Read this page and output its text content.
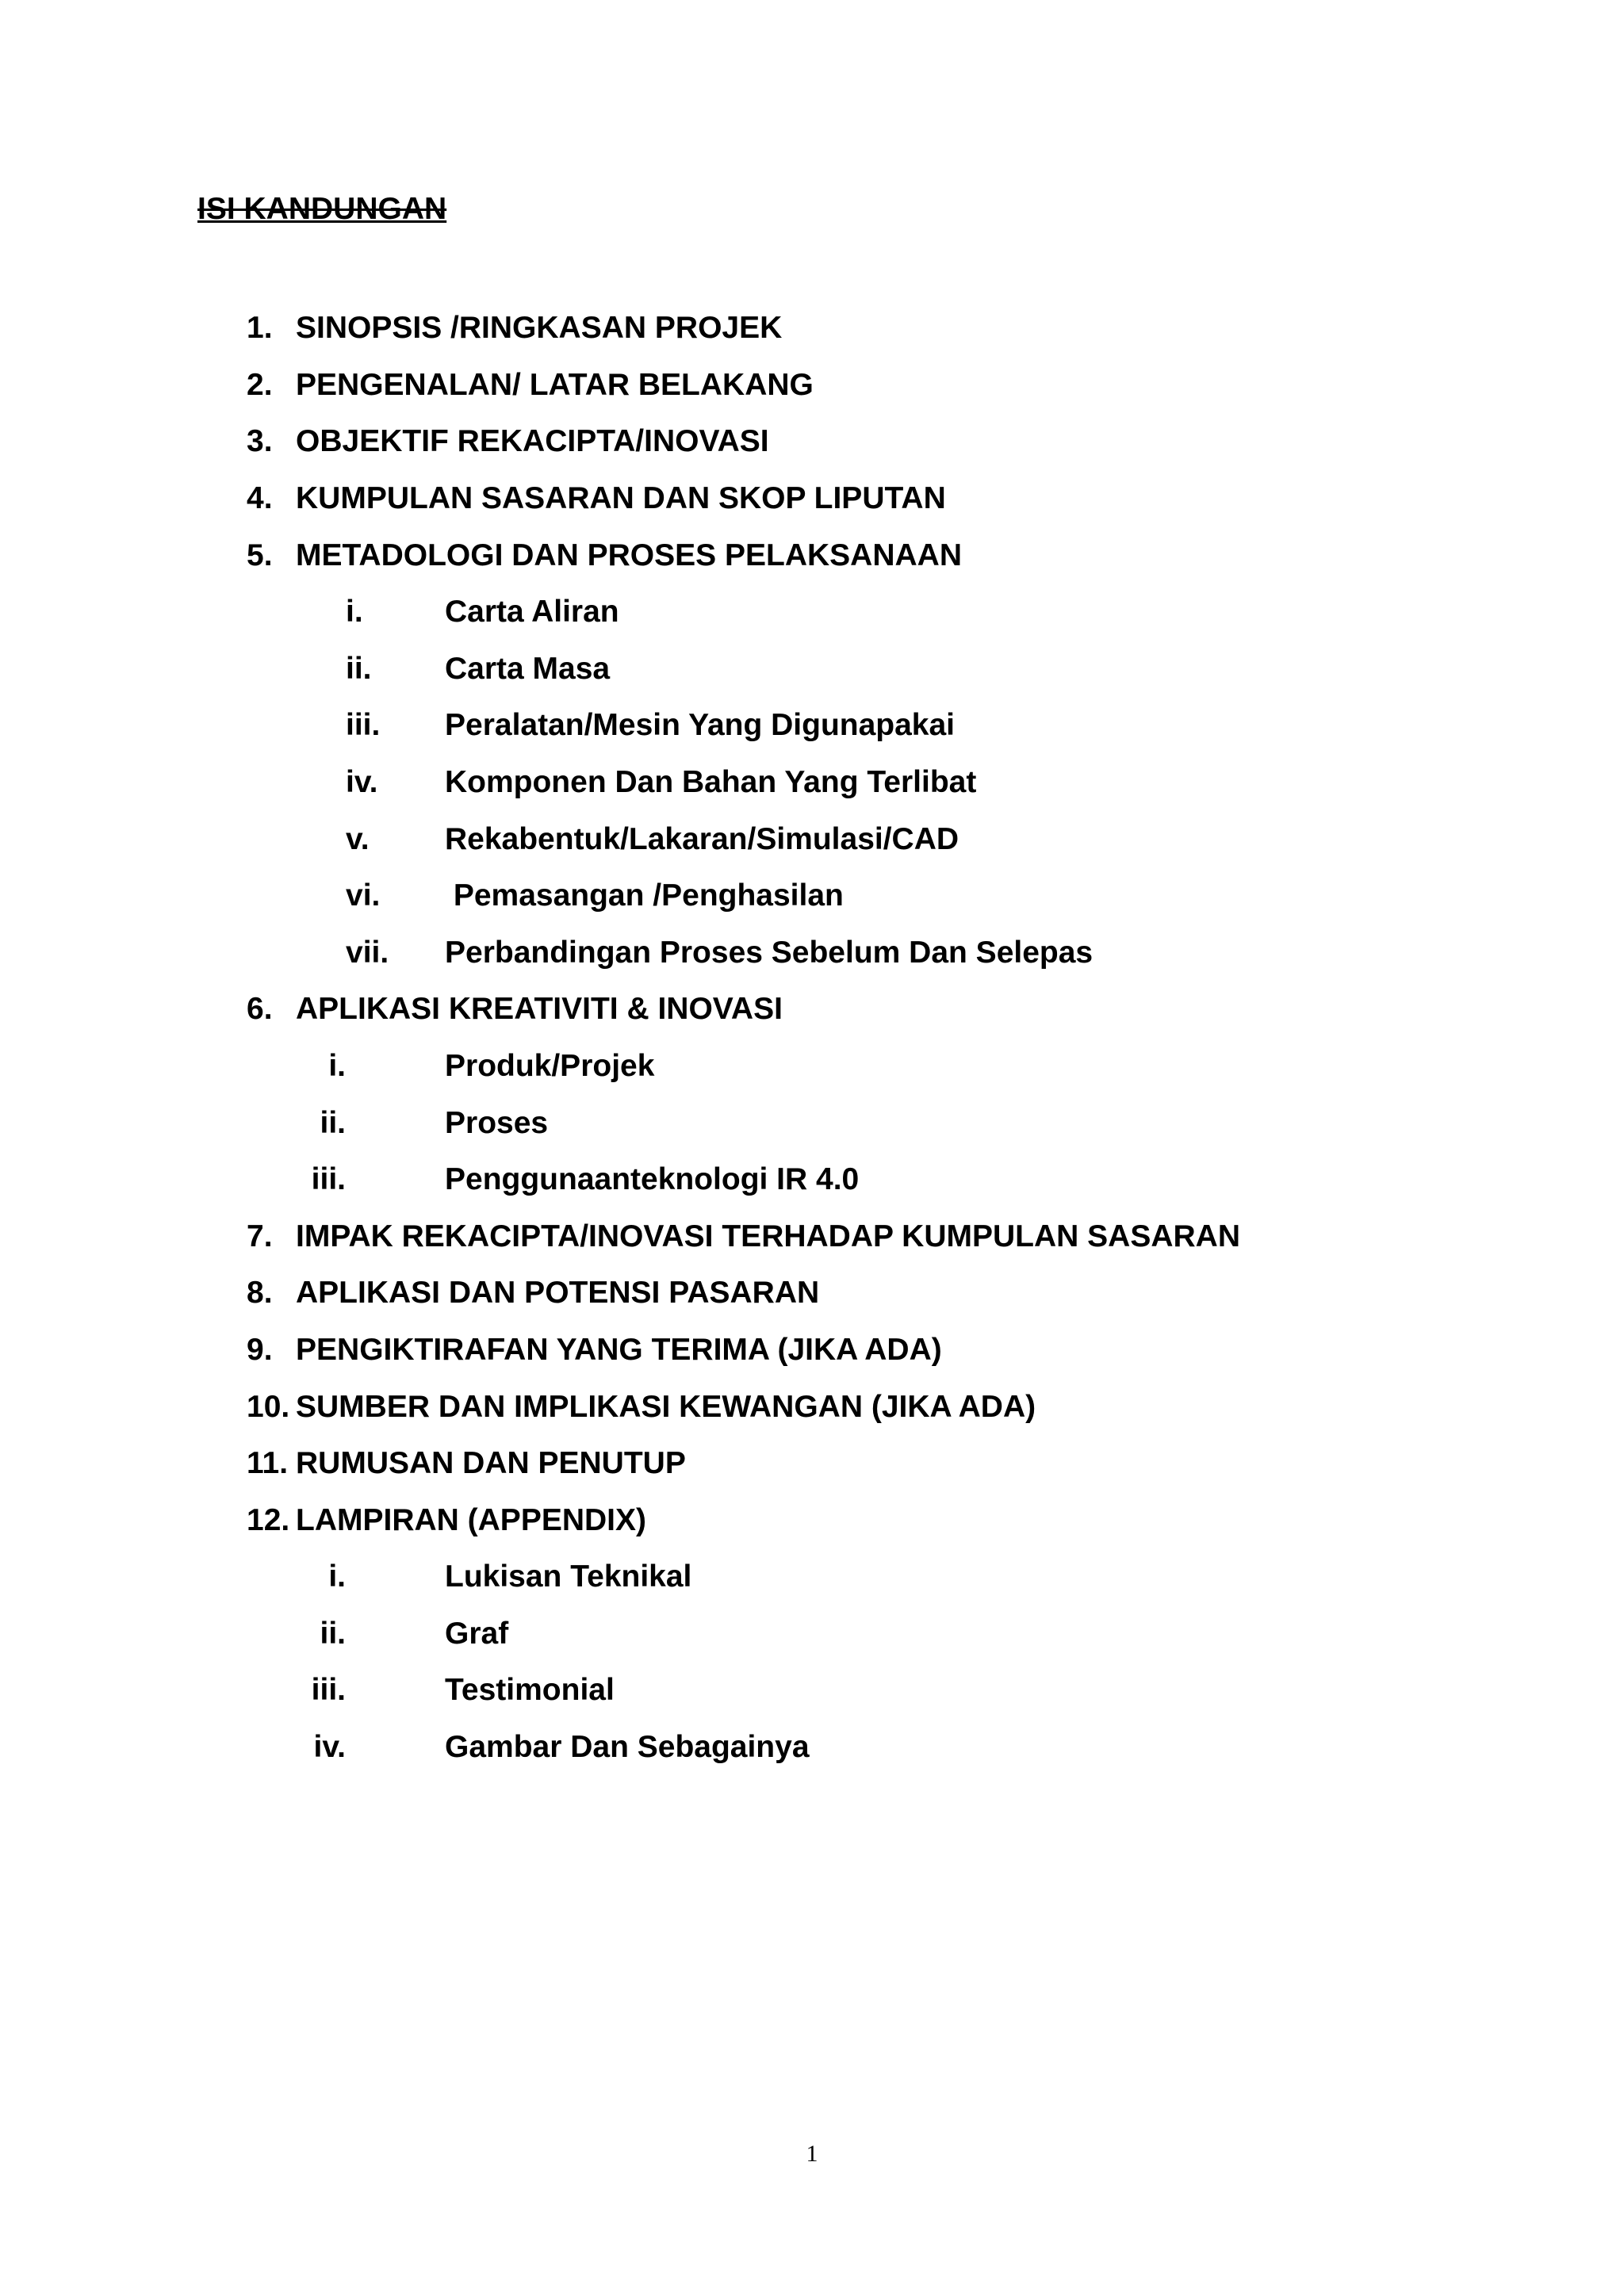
ISI KANDUNGAN
1. SINOPSIS /RINGKASAN PROJEK
2. PENGENALAN/ LATAR BELAKANG
3. OBJEKTIF REKACIPTA/INOVASI
4. KUMPULAN SASARAN DAN SKOP LIPUTAN
5. METADOLOGI DAN PROSES PELAKSANAAN
i.	Carta Aliran
ii. Carta Masa
iii. Peralatan/Mesin Yang Digunapakai
iv. Komponen Dan Bahan Yang Terlibat
v. Rekabentuk/Lakaran/Simulasi/CAD
vi. Pemasangan /Penghasilan
vii. Perbandingan Proses Sebelum Dan Selepas
6. APLIKASI KREATIVITI & INOVASI
i.	Produk/Projek
ii.	Proses
iii.	Penggunaanteknologi IR 4.0
7. IMPAK REKACIPTA/INOVASI TERHADAP KUMPULAN SASARAN
8. APLIKASI DAN POTENSI PASARAN
9. PENGIKTIRAFAN YANG TERIMA (JIKA ADA)
10. SUMBER DAN IMPLIKASI KEWANGAN (JIKA ADA)
11. RUMUSAN DAN PENUTUP
12. LAMPIRAN (APPENDIX)
i.	Lukisan Teknikal
ii.	Graf
iii.	Testimonial
iv.	Gambar Dan Sebagainya
1
